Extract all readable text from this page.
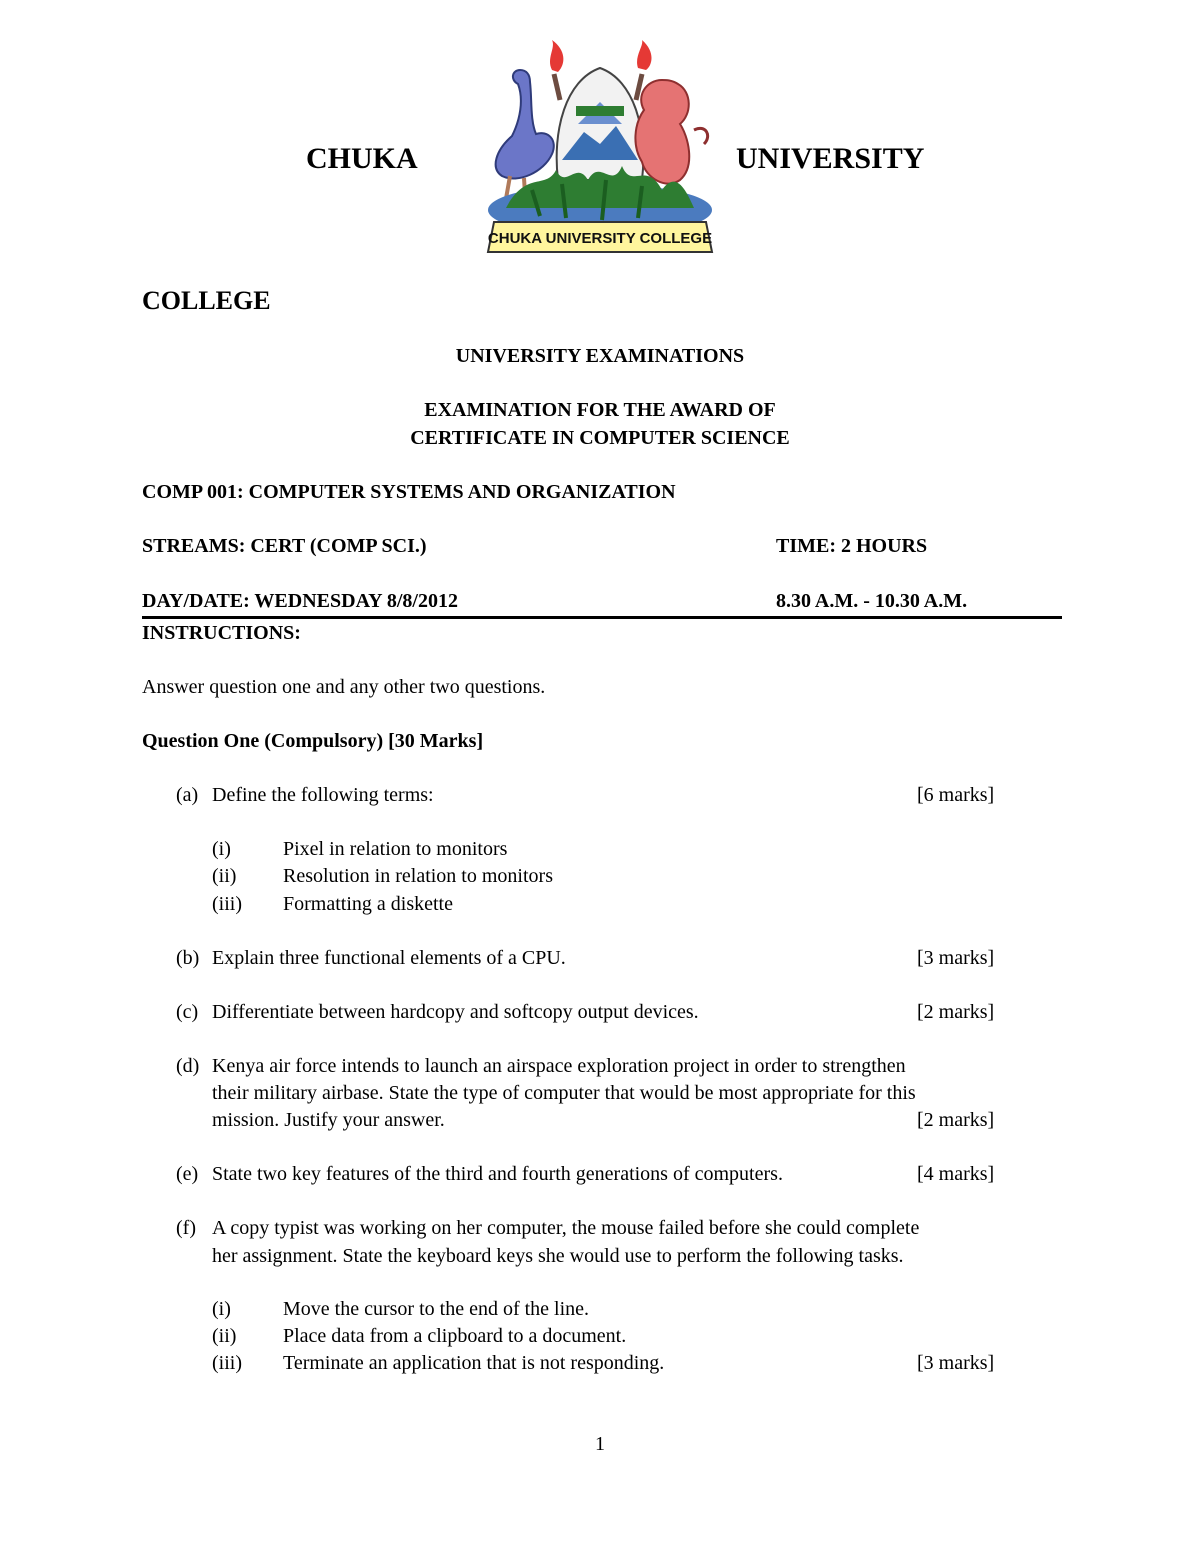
CHUKA	UNIVERSITY
CHUKA UNIVERSITY COLLEGE
COLLEGE
UNIVERSITY EXAMINATIONS
EXAMINATION FOR THE AWARD OF
CERTIFICATE IN COMPUTER SCIENCE
COMP 001: COMPUTER SYSTEMS AND ORGANIZATION
STREAMS: CERT (COMP SCI.)	TIME: 2 HOURS
DAY/DATE: WEDNESDAY 8/8/2012	8.30 A.M. - 10.30 A.M.
INSTRUCTIONS:
Answer question one and any other two questions.
Question One (Compulsory) [30 Marks]
(a) Define the following terms:	[6 marks]
(i)	Pixel in relation to monitors
(ii) Resolution in relation to monitors
(iii) Formatting a diskette
(b) Explain three functional elements of a CPU.	[3 marks]
(c) Differentiate between hardcopy and softcopy output devices.	[2 marks]
(d) Kenya air force intends to launch an airspace exploration project in order to strengthen
their military airbase. State the type of computer that would be most appropriate for this
mission. Justify your answer.	[2 marks]
(e) State two key features of the third and fourth generations of computers.	[4 marks]
(f) A copy typist was working on her computer, the mouse failed before she could complete
her assignment. State the keyboard keys she would use to perform the following tasks.
(i)	Move the cursor to the end of the line.
(ii) Place data from a clipboard to a document.
(iii) Terminate an application that is not responding.	[3 marks]
1
